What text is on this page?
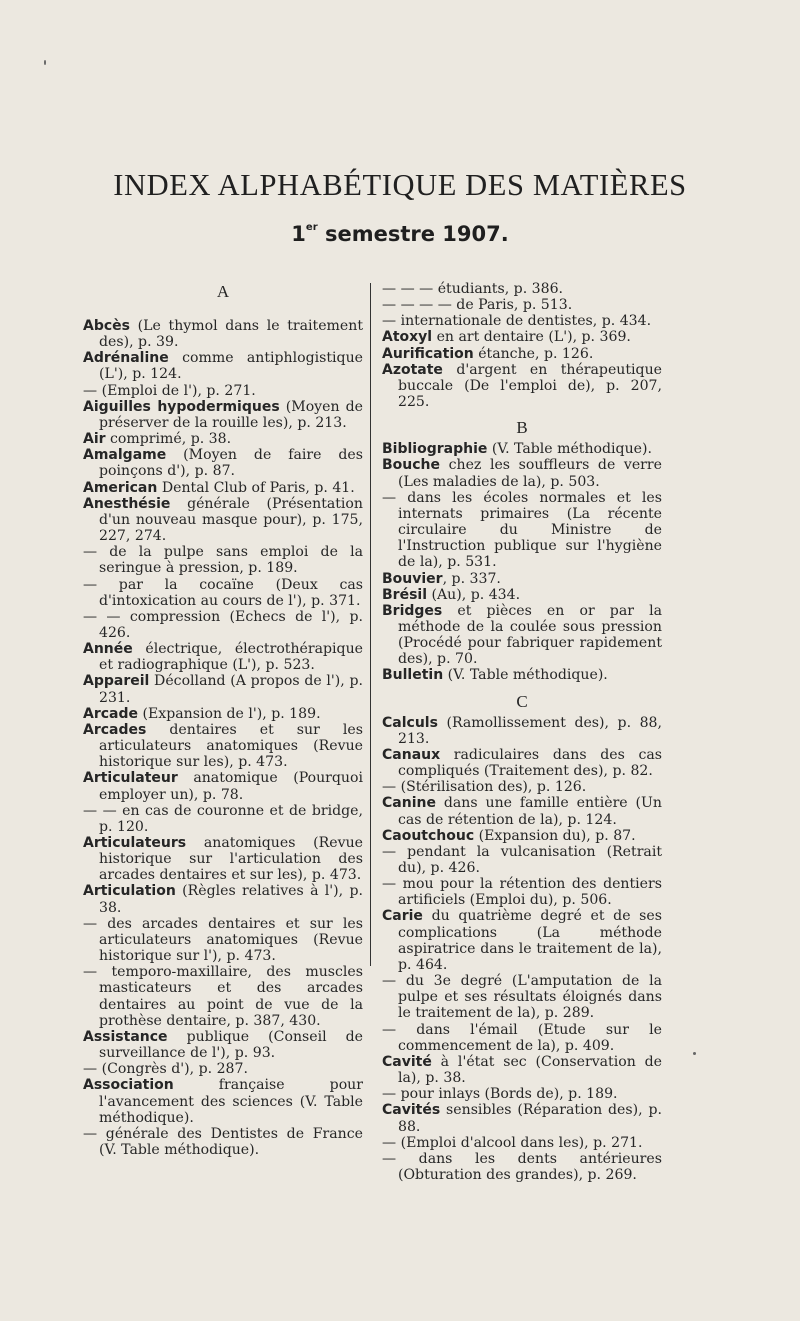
INDEX ALPHABÉTIQUE DES MATIÈRES
1er semestre 1907.
A
Abcès (Le thymol dans le traitement des), p. 39.
Adrénaline comme antiphlogistique (L'), p. 124.
— (Emploi de l'), p. 271.
Aiguilles hypodermiques (Moyen de préserver de la rouille les), p. 213.
Air comprimé, p. 38.
Amalgame (Moyen de faire des poinçons d'), p. 87.
American Dental Club of Paris, p. 41.
Anesthésie générale (Présentation d'un nouveau masque pour), p. 175, 227, 274.
— de la pulpe sans emploi de la seringue à pression, p. 189.
— par la cocaïne (Deux cas d'intoxication au cours de l'), p. 371.
— — compression (Echecs de l'), p. 426.
Année électrique, électrothérapique et radiographique (L'), p. 523.
Appareil Décolland (A propos de l'), p. 231.
Arcade (Expansion de l'), p. 189.
Arcades dentaires et sur les articulateurs anatomiques (Revue historique sur les), p. 473.
Articulateur anatomique (Pourquoi employer un), p. 78.
— — en cas de couronne et de bridge, p. 120.
Articulateurs anatomiques (Revue historique sur l'articulation des arcades dentaires et sur les), p. 473.
Articulation (Règles relatives à l'), p. 38.
— des arcades dentaires et sur les articulateurs anatomiques (Revue historique sur l'), p. 473.
— temporo-maxillaire, des muscles masticateurs et des arcades dentaires au point de vue de la prothèse dentaire, p. 387, 430.
Assistance publique (Conseil de surveillance de l'), p. 93.
— (Congrès d'), p. 287.
Association française pour l'avancement des sciences (V. Table méthodique).
— générale des Dentistes de France (V. Table méthodique).
— — — étudiants, p. 386.
— — — — de Paris, p. 513.
— internationale de dentistes, p. 434.
Atoxyl en art dentaire (L'), p. 369.
Aurification étanche, p. 126.
Azotate d'argent en thérapeutique buccale (De l'emploi de), p. 207, 225.
B
Bibliographie (V. Table méthodique).
Bouche chez les souffleurs de verre (Les maladies de la), p. 503.
— dans les écoles normales et les internats primaires (La récente circulaire du Ministre de l'Instruction publique sur l'hygiène de la), p. 531.
Bouvier, p. 337.
Brésil (Au), p. 434.
Bridges et pièces en or par la méthode de la coulée sous pression (Procédé pour fabriquer rapidement des), p. 70.
Bulletin (V. Table méthodique).
C
Calculs (Ramollissement des), p. 88, 213.
Canaux radiculaires dans des cas compliqués (Traitement des), p. 82.
— (Stérilisation des), p. 126.
Canine dans une famille entière (Un cas de rétention de la), p. 124.
Caoutchouc (Expansion du), p. 87.
— pendant la vulcanisation (Retrait du), p. 426.
— mou pour la rétention des dentiers artificiels (Emploi du), p. 506.
Carie du quatrième degré et de ses complications (La méthode aspiratrice dans le traitement de la), p. 464.
— du 3e degré (L'amputation de la pulpe et ses résultats éloignés dans le traitement de la), p. 289.
— dans l'émail (Etude sur le commencement de la), p. 409.
Cavité à l'état sec (Conservation de la), p. 38.
— pour inlays (Bords de), p. 189.
Cavités sensibles (Réparation des), p. 88.
— (Emploi d'alcool dans les), p. 271.
— dans les dents antérieures (Obturation des grandes), p. 269.
